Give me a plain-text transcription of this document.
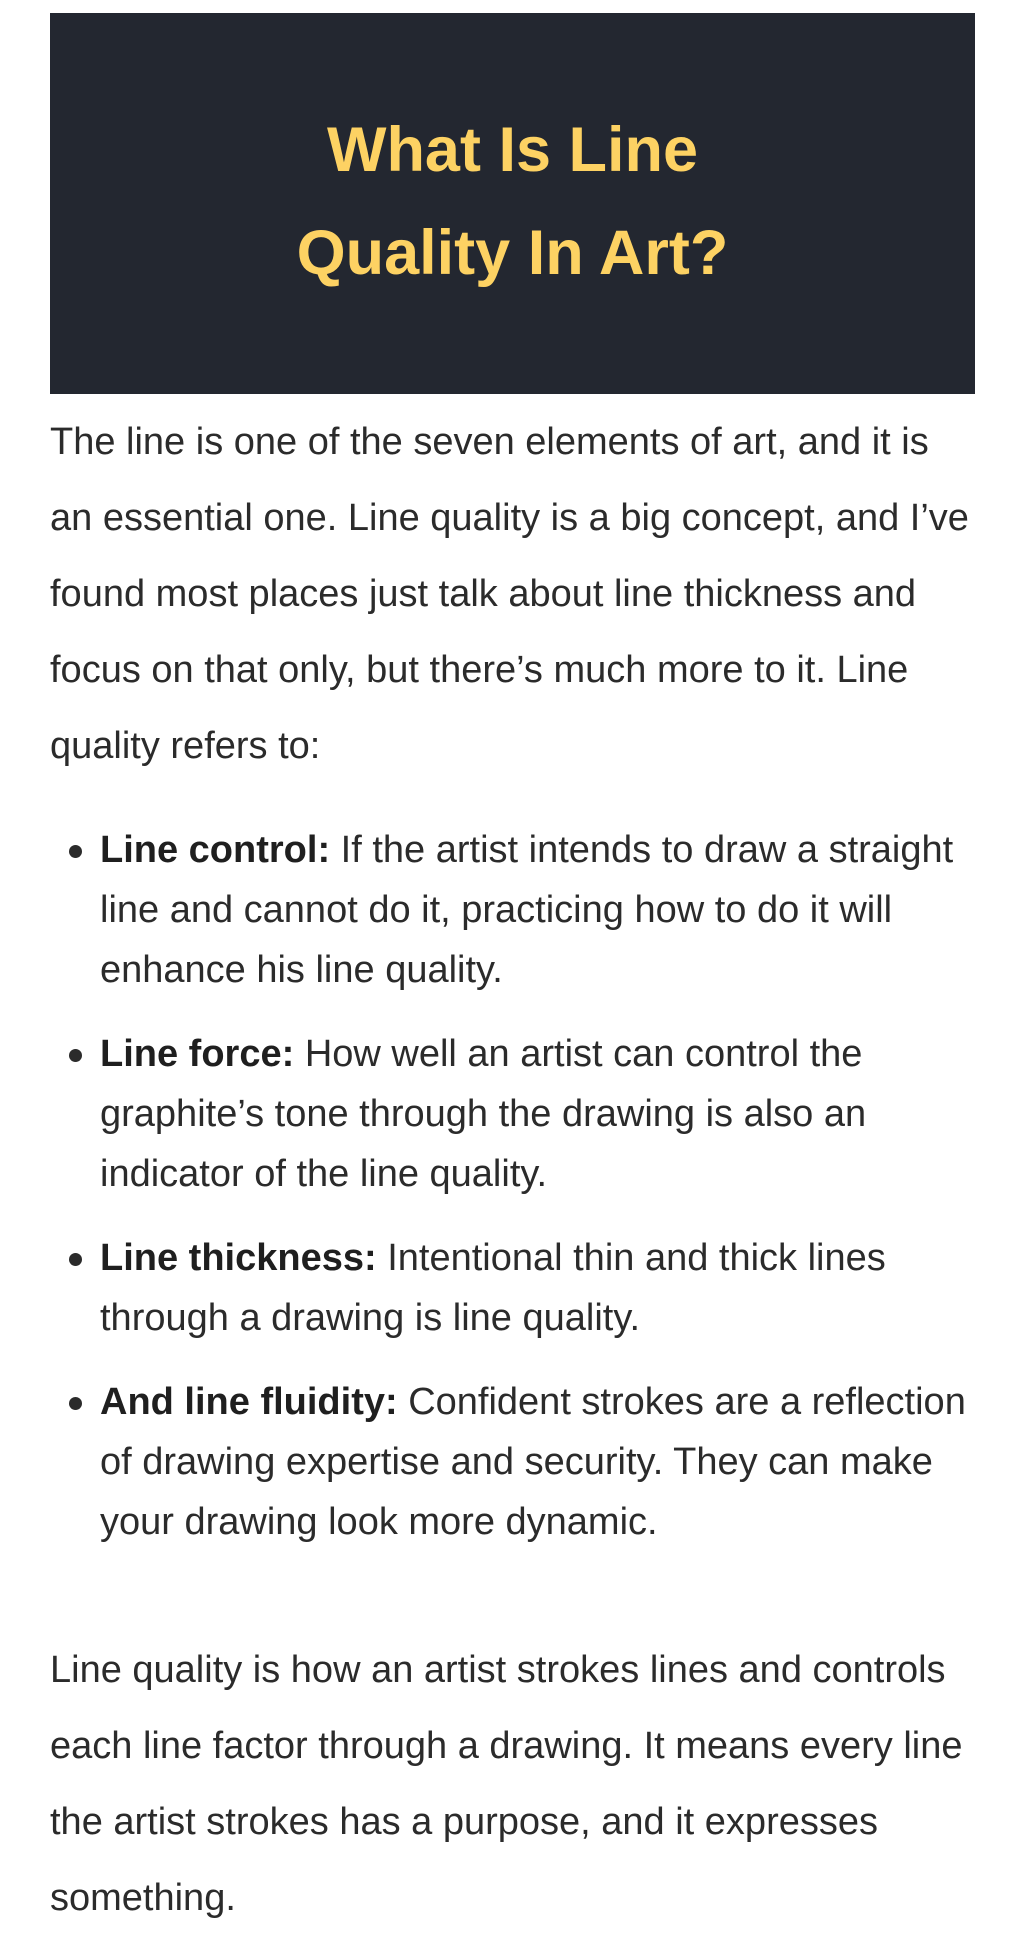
What Is Line Quality In Art?

The line is one of the seven elements of art, and it is an essential one. Line quality is a big concept, and I’ve found most places just talk about line thickness and focus on that only, but there’s much more to it. Line quality refers to:

Line control: If the artist intends to draw a straight line and cannot do it, practicing how to do it will enhance his line quality.
Line force: How well an artist can control the graphite’s tone through the drawing is also an indicator of the line quality.
Line thickness: Intentional thin and thick lines through a drawing is line quality.
And line fluidity: Confident strokes are a reflection of drawing expertise and security. They can make your drawing look more dynamic.

Line quality is how an artist strokes lines and controls each line factor through a drawing. It means every line the artist strokes has a purpose, and it expresses something.
